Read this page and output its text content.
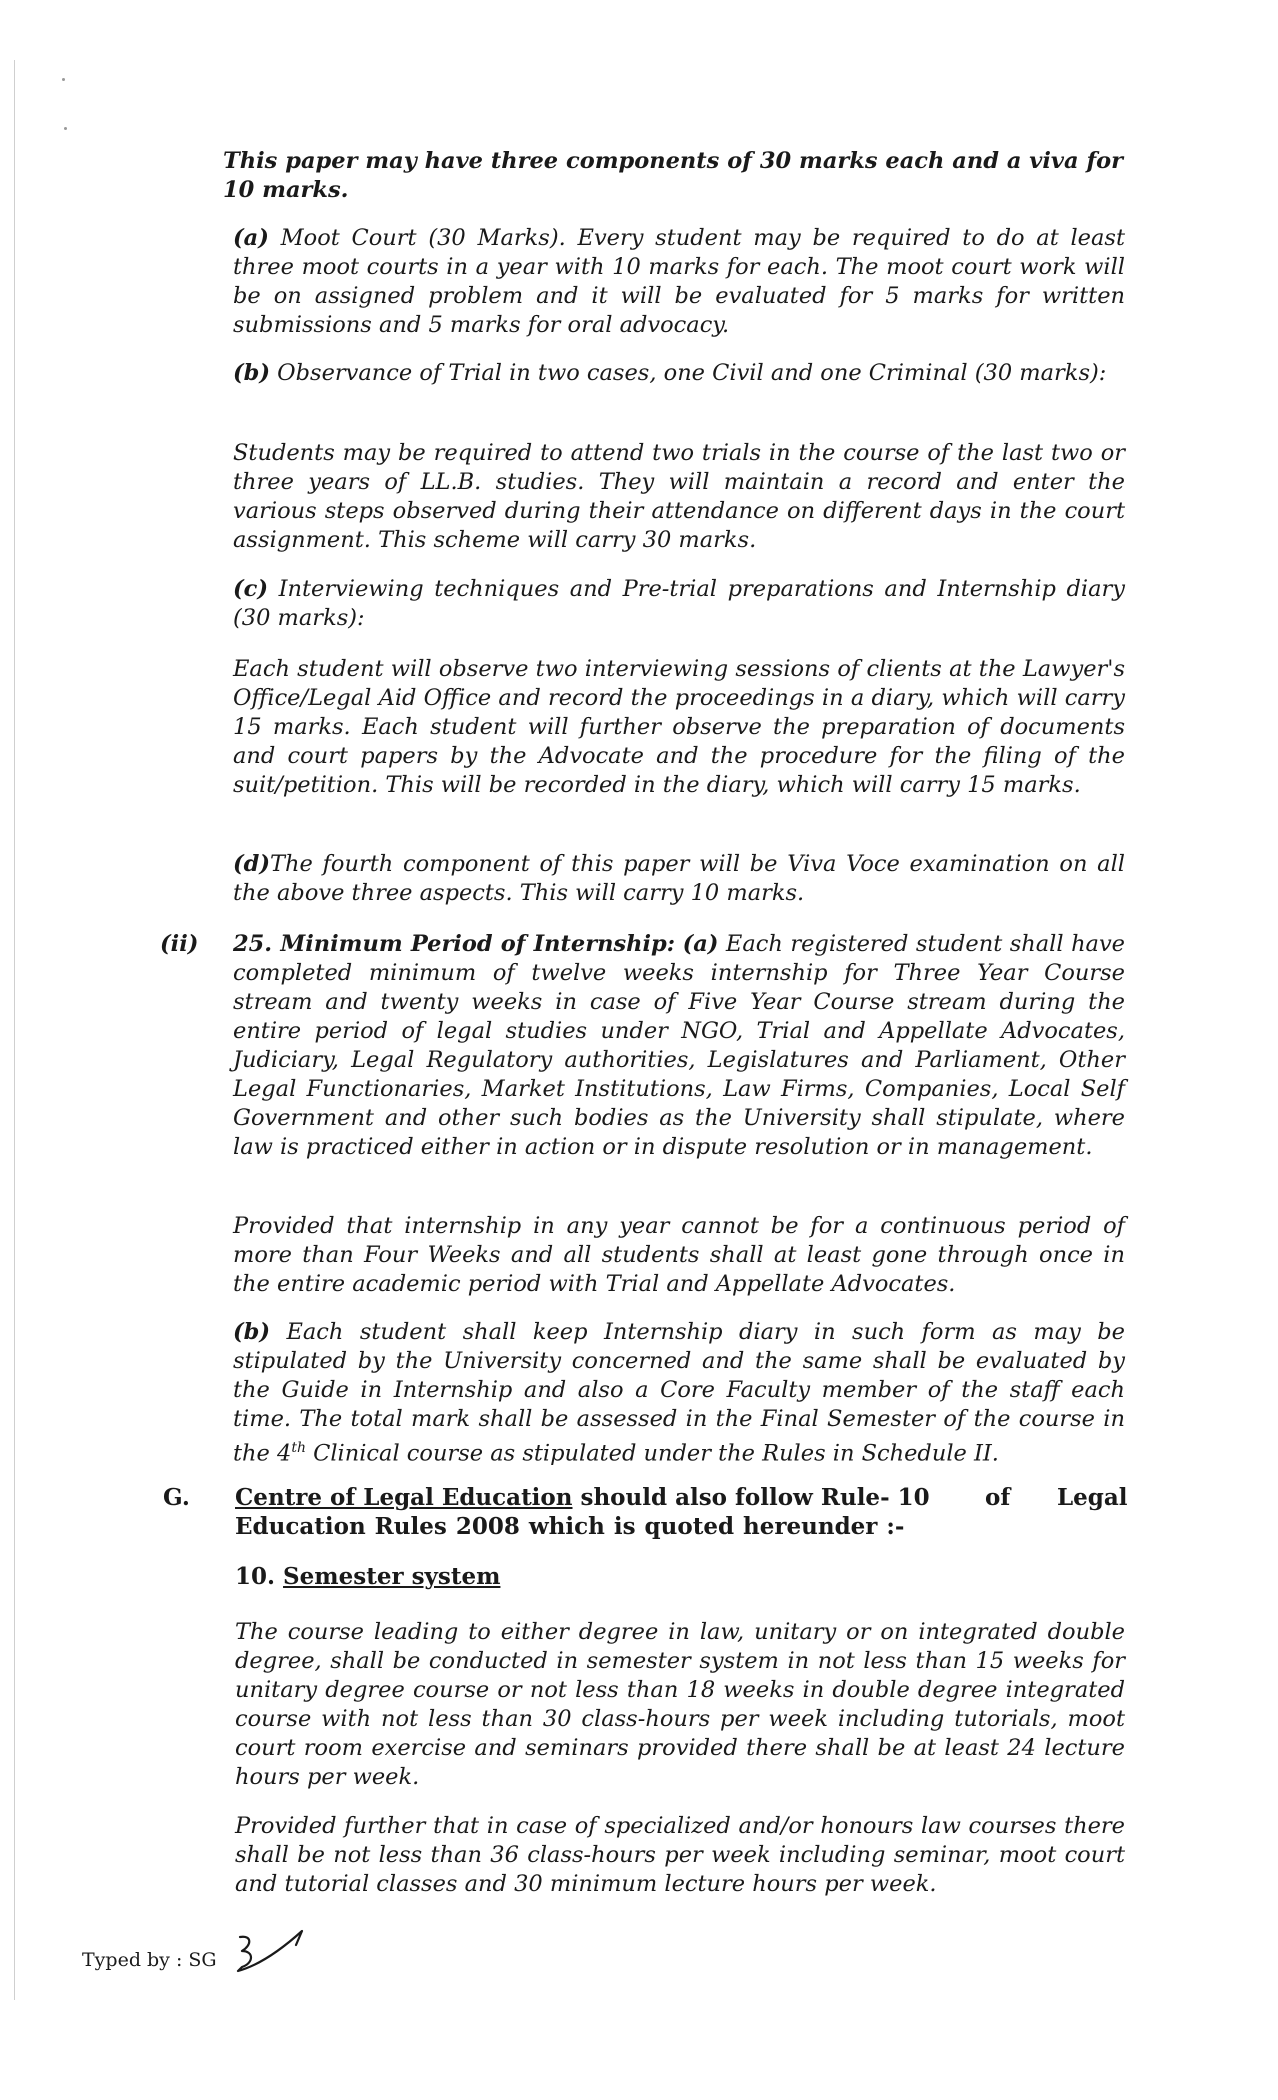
This paper may have three components of 30 marks each and a viva for 10 marks.

(a) Moot Court (30 Marks). Every student may be required to do at least three moot courts in a year with 10 marks for each. The moot court work will be on assigned problem and it will be evaluated for 5 marks for written submissions and 5 marks for oral advocacy.

(b) Observance of Trial in two cases, one Civil and one Criminal (30 marks):

Students may be required to attend two trials in the course of the last two or three years of LL.B. studies. They will maintain a record and enter the various steps observed during their attendance on different days in the court assignment. This scheme will carry 30 marks.

(c) Interviewing techniques and Pre-trial preparations and Internship diary (30 marks):

Each student will observe two interviewing sessions of clients at the Lawyer's Office/Legal Aid Office and record the proceedings in a diary, which will carry 15 marks. Each student will further observe the preparation of documents and court papers by the Advocate and the procedure for the filing of the suit/petition. This will be recorded in the diary, which will carry 15 marks.

(d)The fourth component of this paper will be Viva Voce examination on all the above three aspects. This will carry 10 marks.

(ii)	25. Minimum Period of Internship: (a) Each registered student shall have completed minimum of twelve weeks internship for Three Year Course stream and twenty weeks in case of Five Year Course stream during the entire period of legal studies under NGO, Trial and Appellate Advocates, Judiciary, Legal Regulatory authorities, Legislatures and Parliament, Other Legal Functionaries, Market Institutions, Law Firms, Companies, Local Self Government and other such bodies as the University shall stipulate, where law is practiced either in action or in dispute resolution or in management.

Provided that internship in any year cannot be for a continuous period of more than Four Weeks and all students shall at least gone through once in the entire academic period with Trial and Appellate Advocates.

(b) Each student shall keep Internship diary in such form as may be stipulated by the University concerned and the same shall be evaluated by the Guide in Internship and also a Core Faculty member of the staff each time. The total mark shall be assessed in the Final Semester of the course in the 4th Clinical course as stipulated under the Rules in Schedule II.

G. Centre of Legal Education should also follow Rule- 10	of Legal

Education Rules 2008 which is quoted hereunder :-

10. Semester system

The course leading to either degree in law, unitary or on integrated double degree, shall be conducted in semester system in not less than 15 weeks for unitary degree course or not less than 18 weeks in double degree integrated course with not less than 30 class-hours per week including tutorials, moot court room exercise and seminars provided there shall be at least 24 lecture hours per week.

Provided further that in case of specialized and/or honours law courses there shall be not less than 36 class-hours per week including seminar, moot court and tutorial classes and 30 minimum lecture hours per week.

Typed by : SG
